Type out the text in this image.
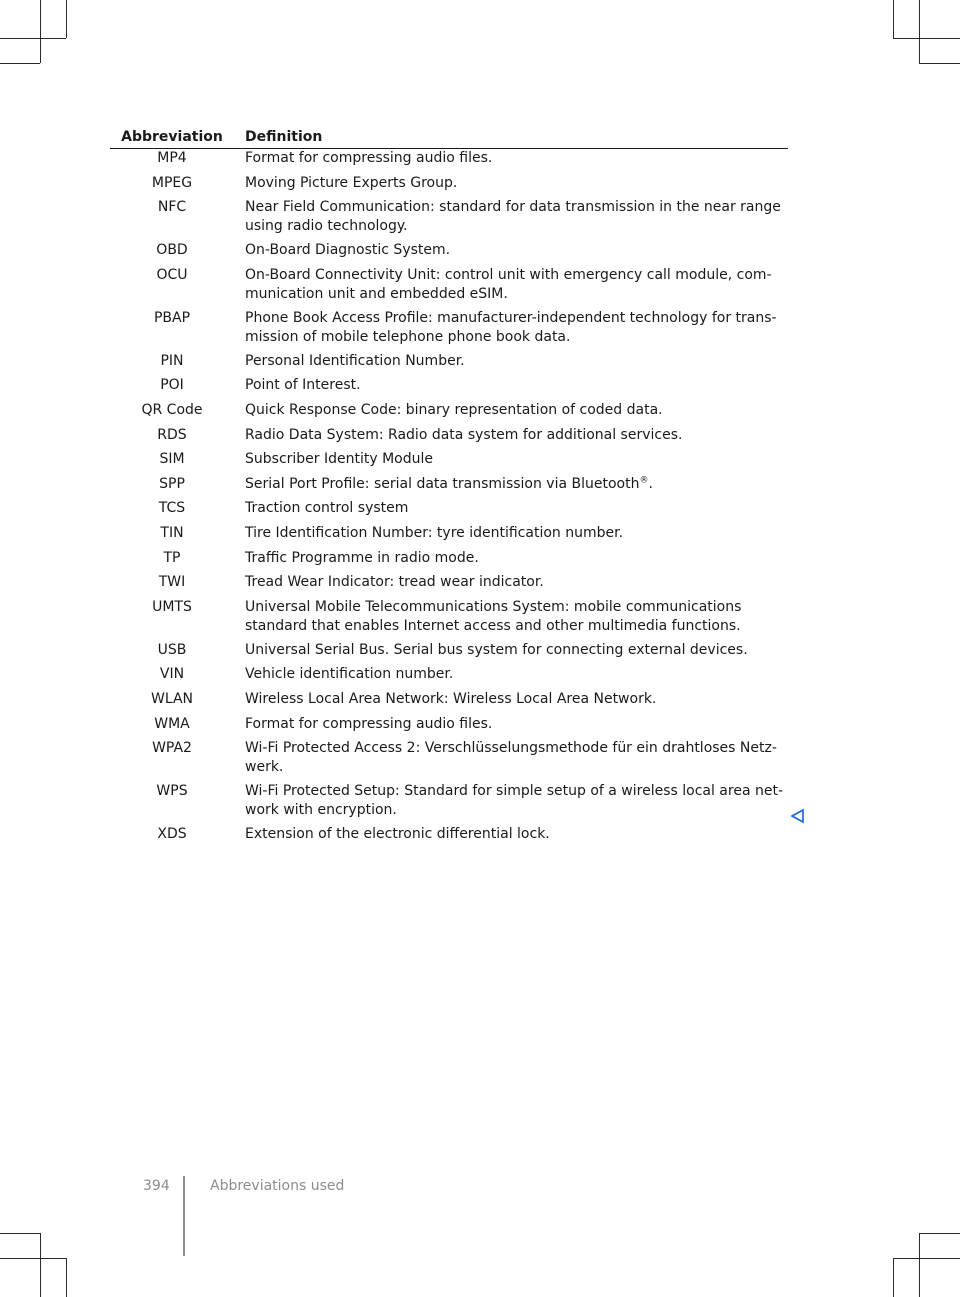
Abbreviation	Definition
MP4	Format for compressing audio files.
MPEG	Moving Picture Experts Group.
NFC	Near Field Communication: standard for data transmission in the near range using radio technology.
OBD	On-Board Diagnostic System.
OCU	On-Board Connectivity Unit: control unit with emergency call module, communication unit and embedded eSIM.
PBAP	Phone Book Access Profile: manufacturer-independent technology for transmission of mobile telephone phone book data.
PIN	Personal Identification Number.
POI	Point of Interest.
QR Code	Quick Response Code: binary representation of coded data.
RDS	Radio Data System: Radio data system for additional services.
SIM	Subscriber Identity Module
SPP	Serial Port Profile: serial data transmission via Bluetooth®.
TCS	Traction control system
TIN	Tire Identification Number: tyre identification number.
TP	Traffic Programme in radio mode.
TWI	Tread Wear Indicator: tread wear indicator.
UMTS	Universal Mobile Telecommunications System: mobile communications standard that enables Internet access and other multimedia functions.
USB	Universal Serial Bus. Serial bus system for connecting external devices.
VIN	Vehicle identification number.
WLAN	Wireless Local Area Network: Wireless Local Area Network.
WMA	Format for compressing audio files.
WPA2	Wi-Fi Protected Access 2: Verschlüsselungsmethode für ein drahtloses Netzwerk.
WPS	Wi-Fi Protected Setup: Standard for simple setup of a wireless local area network with encryption.
XDS	Extension of the electronic differential lock.
394	Abbreviations used
